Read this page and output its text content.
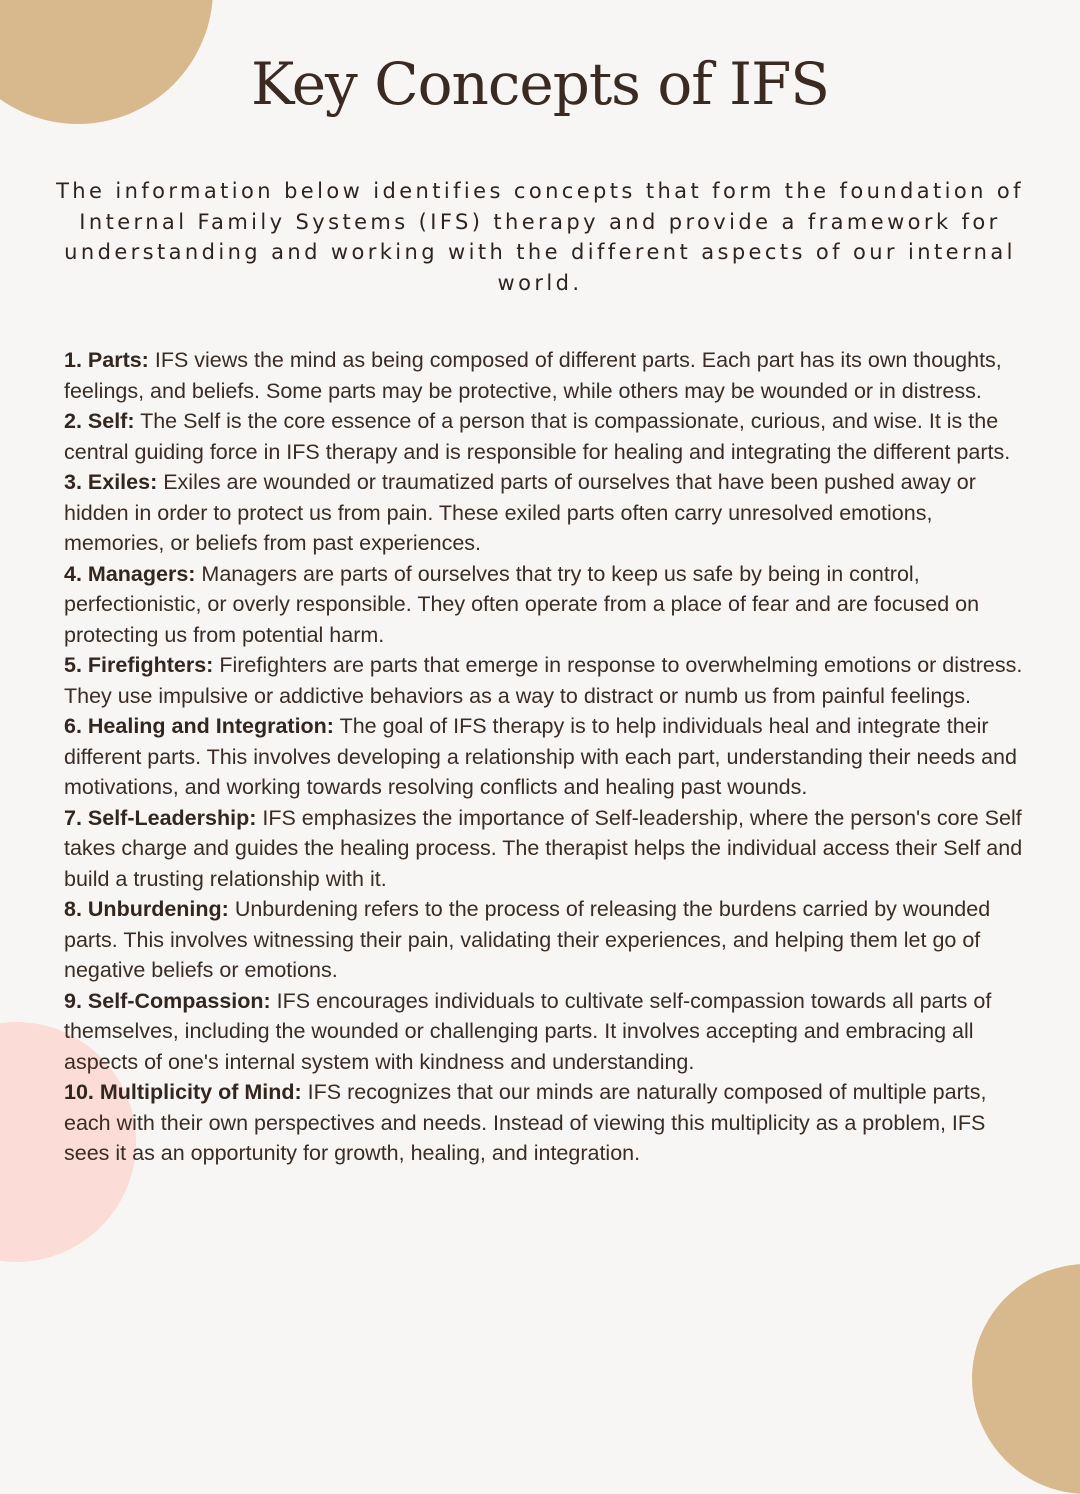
Key Concepts of IFS

The information below identifies concepts that form the foundation of Internal Family Systems (IFS) therapy and provide a framework for understanding and working with the different aspects of our internal world.

1. Parts: IFS views the mind as being composed of different parts. Each part has its own thoughts, feelings, and beliefs. Some parts may be protective, while others may be wounded or in distress.
2. Self: The Self is the core essence of a person that is compassionate, curious, and wise. It is the central guiding force in IFS therapy and is responsible for healing and integrating the different parts.
3. Exiles: Exiles are wounded or traumatized parts of ourselves that have been pushed away or hidden in order to protect us from pain. These exiled parts often carry unresolved emotions, memories, or beliefs from past experiences.
4. Managers: Managers are parts of ourselves that try to keep us safe by being in control, perfectionistic, or overly responsible. They often operate from a place of fear and are focused on protecting us from potential harm.
5. Firefighters: Firefighters are parts that emerge in response to overwhelming emotions or distress. They use impulsive or addictive behaviors as a way to distract or numb us from painful feelings.
6. Healing and Integration: The goal of IFS therapy is to help individuals heal and integrate their different parts. This involves developing a relationship with each part, understanding their needs and motivations, and working towards resolving conflicts and healing past wounds.
7. Self-Leadership: IFS emphasizes the importance of Self-leadership, where the person's core Self takes charge and guides the healing process. The therapist helps the individual access their Self and build a trusting relationship with it.
8. Unburdening: Unburdening refers to the process of releasing the burdens carried by wounded parts. This involves witnessing their pain, validating their experiences, and helping them let go of negative beliefs or emotions.
9. Self-Compassion: IFS encourages individuals to cultivate self-compassion towards all parts of themselves, including the wounded or challenging parts. It involves accepting and embracing all aspects of one's internal system with kindness and understanding.
10. Multiplicity of Mind: IFS recognizes that our minds are naturally composed of multiple parts, each with their own perspectives and needs. Instead of viewing this multiplicity as a problem, IFS sees it as an opportunity for growth, healing, and integration.
